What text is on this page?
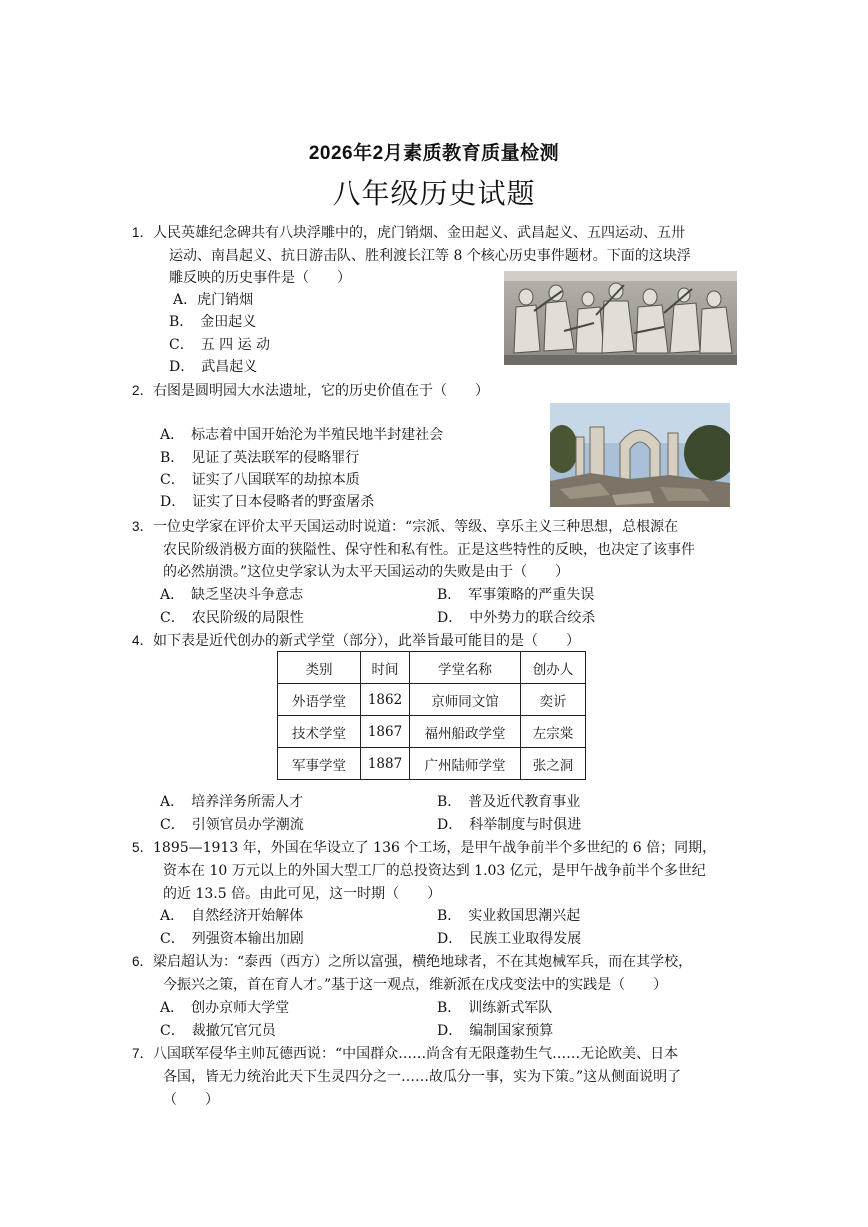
2026年2月素质教育质量检测
八年级历史试题
1． 人民英雄纪念碑共有八块浮雕中的，虎门销烟、金田起义、武昌起义、五四运动、五卅
运动、南昌起义、抗日游击队、胜利渡长江等 8 个核心历史事件题材。下面的这块浮
雕反映的历史事件是（　　）
A．虎门销烟
B．　金田起义
C．　五 四 运 动
D．　武昌起义
2． 右图是圆明园大水法遗址，它的历史价值在于（　　）
A．　标志着中国开始沦为半殖民地半封建社会
B．　见证了英法联军的侵略罪行
C．　证实了八国联军的劫掠本质
D．　证实了日本侵略者的野蛮屠杀
3． 一位史学家在评价太平天国运动时说道：“宗派、等级、享乐主义三种思想，总根源在
农民阶级消极方面的狭隘性、保守性和私有性。正是这些特性的反映，也决定了该事件
的必然崩溃。”这位史学家认为太平天国运动的失败是由于（　　）
A．　缺乏坚决斗争意志	B．　军事策略的严重失误
C．　农民阶级的局限性	D．　中外势力的联合绞杀
4． 如下表是近代创办的新式学堂（部分），此举旨最可能目的是（　　）
类别	时间	学堂名称	创办人
外语学堂	1862	京师同文馆	奕䜣
技术学堂	1867	福州船政学堂	左宗棠
军事学堂	1887	广州陆师学堂	张之洞
A．　培养洋务所需人才	B．　普及近代教育事业
C．　引领官员办学潮流	D．　科举制度与时俱进
5． 1895—1913 年，外国在华设立了 136 个工场，是甲午战争前半个多世纪的 6 倍；同期，
资本在 10 万元以上的外国大型工厂的总投资达到 1.03 亿元，是甲午战争前半个多世纪
的近 13.5 倍。由此可见，这一时期（　　）
A．　自然经济开始解体	B．　实业救国思潮兴起
C．　列强资本输出加剧	D．　民族工业取得发展
6． 梁启超认为：“泰西（西方）之所以富强，横绝地球者，不在其炮械军兵，而在其学校，
今振兴之策，首在育人才。”基于这一观点，维新派在戊戌变法中的实践是（　　）
A．　创办京师大学堂	B．　训练新式军队
C．　裁撤冗官冗员	D．　编制国家预算
7． 八国联军侵华主帅瓦德西说：“中国群众……尚含有无限蓬勃生气……无论欧美、日本
各国，皆无力统治此天下生灵四分之一……故瓜分一事，实为下策。”这从侧面说明了
（　　）
